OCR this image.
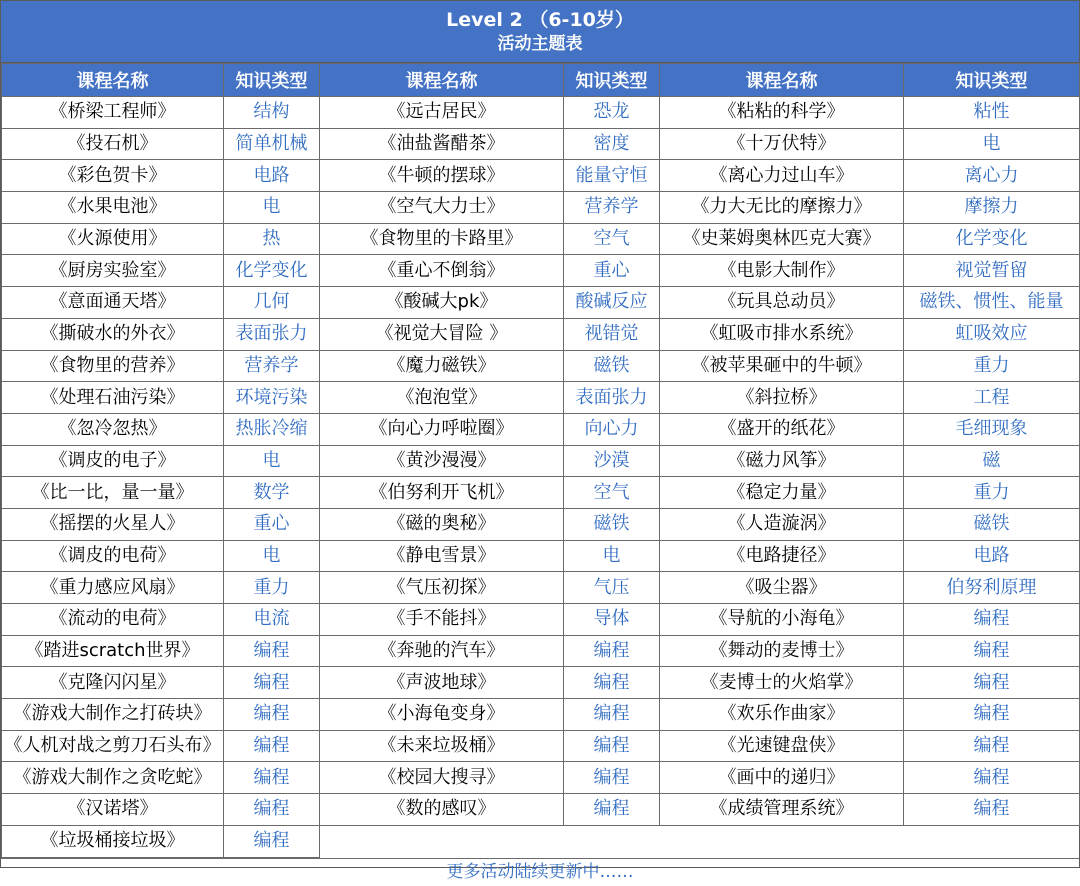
Level 2 （6-10岁）
活动主题表
课程名称	知识类型	课程名称	知识类型	课程名称	知识类型
《桥梁工程师》	结构	《远古居民》	恐龙	《粘粘的科学》	粘性
《投石机》	简单机械	《油盐酱醋茶》	密度	《十万伏特》	电
《彩色贺卡》	电路	《牛顿的摆球》	能量守恒	《离心力过山车》	离心力
《水果电池》	电	《空气大力士》	营养学	《力大无比的摩擦力》	摩擦力
《火源使用》	热	《食物里的卡路里》	空气	《史莱姆奥林匹克大赛》	化学变化
《厨房实验室》	化学变化	《重心不倒翁》	重心	《电影大制作》	视觉暂留
《意面通天塔》	几何	《酸碱大pk》	酸碱反应	《玩具总动员》	磁铁、惯性、能量
《撕破水的外衣》	表面张力	《视觉大冒险 》	视错觉	《虹吸市排水系统》	虹吸效应
《食物里的营养》	营养学	《魔力磁铁》	磁铁	《被苹果砸中的牛顿》	重力
《处理石油污染》	环境污染	《泡泡堂》	表面张力	《斜拉桥》	工程
《忽冷忽热》	热胀冷缩	《向心力呼啦圈》	向心力	《盛开的纸花》	毛细现象
《调皮的电子》	电	《黄沙漫漫》	沙漠	《磁力风筝》	磁
《比一比，量一量》	数学	《伯努利开飞机》	空气	《稳定力量》	重力
《摇摆的火星人》	重心	《磁的奥秘》	磁铁	《人造漩涡》	磁铁
《调皮的电荷》	电	《静电雪景》	电	《电路捷径》	电路
《重力感应风扇》	重力	《气压初探》	气压	《吸尘器》	伯努利原理
《流动的电荷》	电流	《手不能抖》	导体	《导航的小海龟》	编程
《踏进scratch世界》	编程	《奔驰的汽车》	编程	《舞动的麦博士》	编程
《克隆闪闪星》	编程	《声波地球》	编程	《麦博士的火焰掌》	编程
《游戏大制作之打砖块》	编程	《小海龟变身》	编程	《欢乐作曲家》	编程
《人机对战之剪刀石头布》	编程	《未来垃圾桶》	编程	《光速键盘侠》	编程
《游戏大制作之贪吃蛇》	编程	《校园大搜寻》	编程	《画中的递归》	编程
《汉诺塔》	编程	《数的感叹》	编程	《成绩管理系统》	编程
《垃圾桶接垃圾》	编程				
更多活动陆续更新中……
